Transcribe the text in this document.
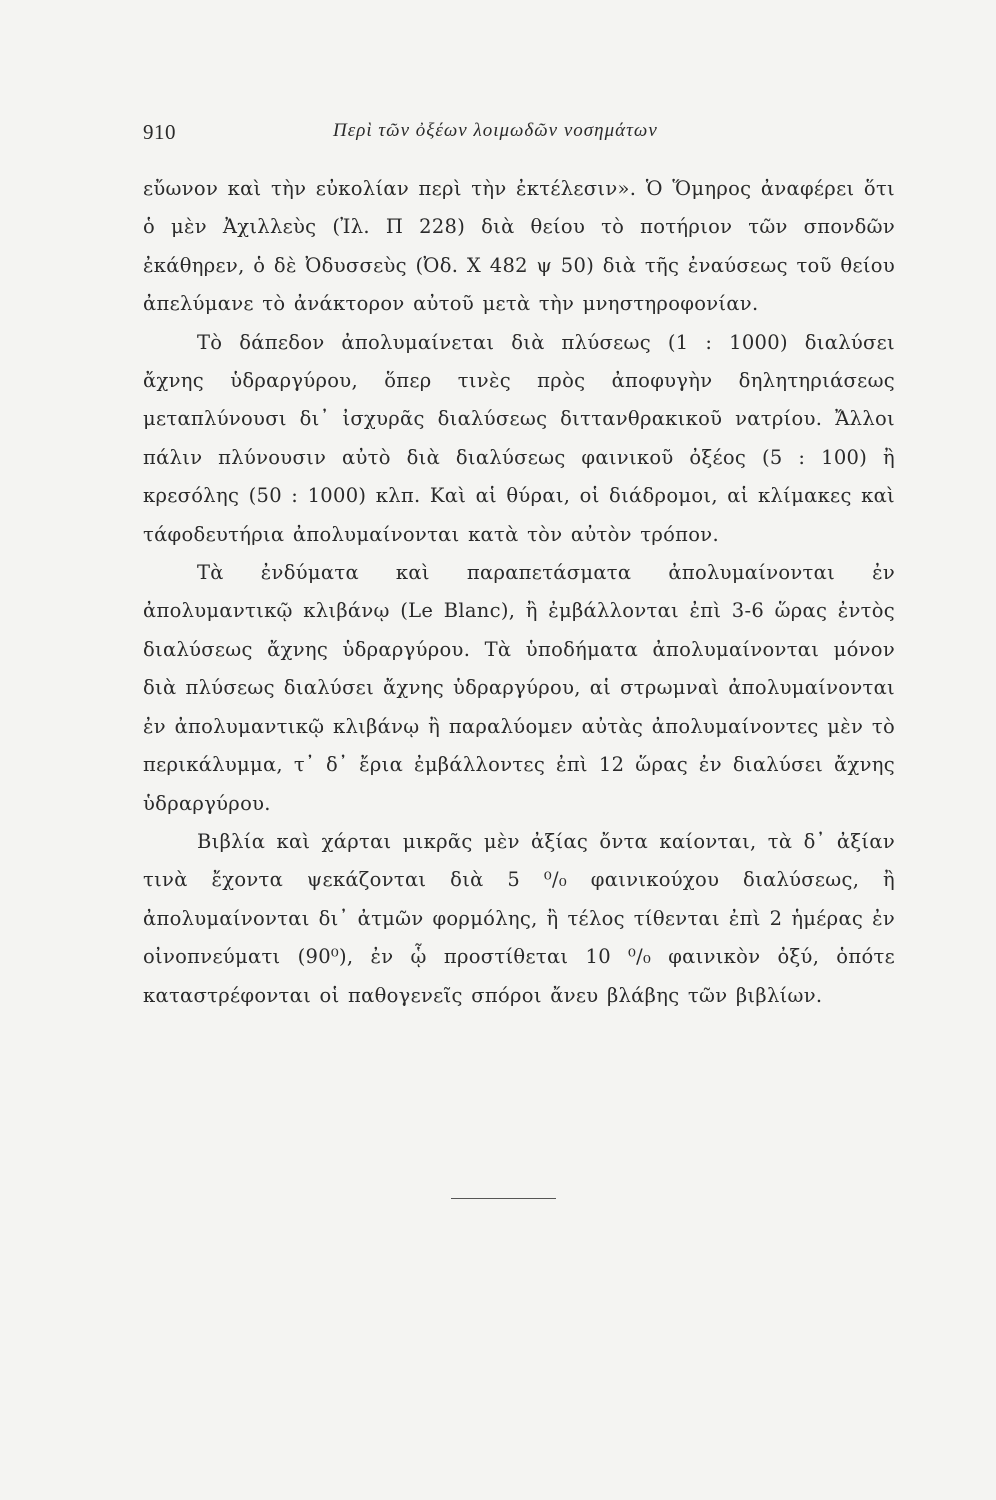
910	Περὶ τῶν ὀξέων λοιμωδῶν νοσημάτων

εὔωνον καὶ τὴν εὐκολίαν περὶ τὴν ἐκτέλεσιν». Ὁ Ὅμηρος ἀναφέρει ὅτι ὁ μὲν Ἀχιλλεὺς (Ἰλ. Π 228) διὰ θείου τὸ ποτήριον τῶν σπονδῶν ἐκάθηρεν, ὁ δὲ Ὀδυσσεὺς (Ὀδ. Χ 482 ψ 50) διὰ τῆς ἐναύσεως τοῦ θείου ἀπελύμανε τὸ ἀνάκτορον αὐτοῦ μετὰ τὴν μνηστηροφονίαν.

Τὸ δάπεδον ἀπολυμαίνεται διὰ πλύσεως (1 : 1000) διαλύσει ἄχνης ὑδραργύρου, ὅπερ τινὲς πρὸς ἀποφυγὴν δηλητηριάσεως μεταπλύνουσι δι᾽ ἰσχυρᾶς διαλύσεως διττανθρακικοῦ νατρίου. Ἄλλοι πάλιν πλύνουσιν αὐτὸ διὰ διαλύσεως φαινικοῦ ὀξέος (5 : 100) ἢ κρεσόλης (50 : 1000) κλπ. Καὶ αἱ θύραι, οἱ διάδρομοι, αἱ κλίμακες καὶ τάφοδευτήρια ἀπολυμαίνονται κατὰ τὸν αὐτὸν τρόπον.

Τὰ ἐνδύματα καὶ παραπετάσματα ἀπολυμαίνονται ἐν ἀπολυμαντικῷ κλιβάνῳ (Le Blanc), ἢ ἐμβάλλονται ἐπὶ 3-6 ὥρας ἐντὸς διαλύσεως ἄχνης ὑδραργύρου. Τὰ ὑποδήματα ἀπολυμαίνονται μόνον διὰ πλύσεως διαλύσει ἄχνης ὑδραργύρου, αἱ στρωμναὶ ἀπολυμαίνονται ἐν ἀπολυμαντικῷ κλιβάνῳ ἢ παραλύομεν αὐτὰς ἀπολυμαίνοντες μὲν τὸ περικάλυμμα, τ᾽ δ᾽ ἔρια ἐμβάλλοντες ἐπὶ 12 ὥρας ἐν διαλύσει ἄχνης ὑδραργύρου.

Βιβλία καὶ χάρται μικρᾶς μὲν ἀξίας ὄντα καίονται, τὰ δ᾽ ἀξίαν τινὰ ἔχοντα ψεκάζονται διὰ 5 ⁰/₀ φαινικούχου διαλύσεως, ἢ ἀπολυμαίνονται δι᾽ ἀτμῶν φορμόλης, ἢ τέλος τίθενται ἐπὶ 2 ἡμέρας ἐν οἰνοπνεύματι (90⁰), ἐν ᾧ προστίθεται 10 ⁰/₀ φαινικὸν ὀξύ, ὁπότε καταστρέφονται οἱ παθογενεῖς σπόροι ἄνευ βλάβης τῶν βιβλίων.
